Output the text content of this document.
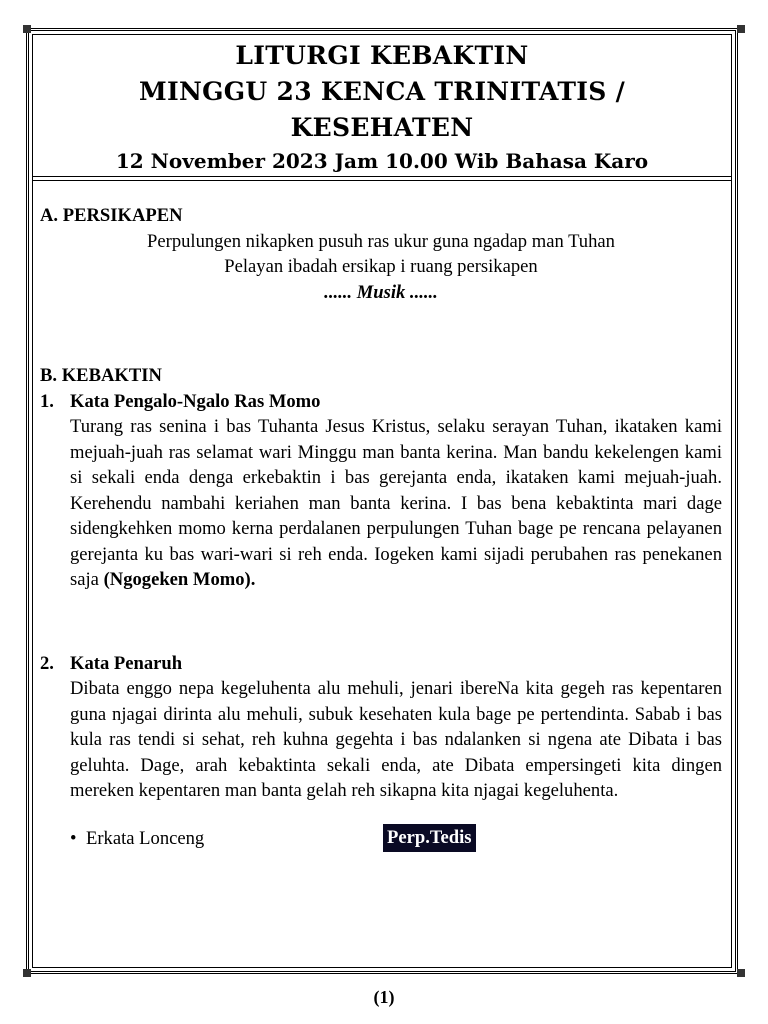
LITURGI KEBAKTIN
MINGGU 23 KENCA TRINITATIS /
KESEHATEN
12 November 2023 Jam 10.00 Wib Bahasa Karo
A. PERSIKAPEN
Perpulungen nikapken pusuh ras ukur guna ngadap man Tuhan
Pelayan ibadah ersikap i ruang persikapen
...... Musik ......
B. KEBAKTIN
1. Kata Pengalo-Ngalo Ras Momo
Turang ras senina i bas Tuhanta Jesus Kristus, selaku serayan Tuhan, ikataken kami mejuah-juah ras selamat wari Minggu man banta kerina. Man bandu kekelengen kami si sekali enda denga erkebaktin i bas gerejanta enda, ikataken kami mejuah-juah. Kerehendu nambahi keriahen man banta kerina. I bas bena kebaktinta mari dage sidengkehken momo kerna perdalanen perpulungen Tuhan bage pe rencana pelayanen gerejanta ku bas wari-wari si reh enda. Iogeken kami sijadi perubahen ras penekanen saja (Ngogeken Momo).
2. Kata Penaruh
Dibata enggo nepa kegeluhenta alu mehuli, jenari ibereNa kita gegeh ras kepentaren guna njagai dirinta alu mehuli, subuk kesehaten kula bage pe pertendinta. Sabab i bas kula ras tendi si sehat, reh kuhna gegehta i bas ndalanken si ngena ate Dibata i bas geluhta. Dage, arah kebaktinta sekali enda, ate Dibata empersingeti kita dingen mereken kepentaren man banta gelah reh sikapna kita njagai kegeluhenta.
• Erkata Lonceng	Perp.Tedis
(1)
